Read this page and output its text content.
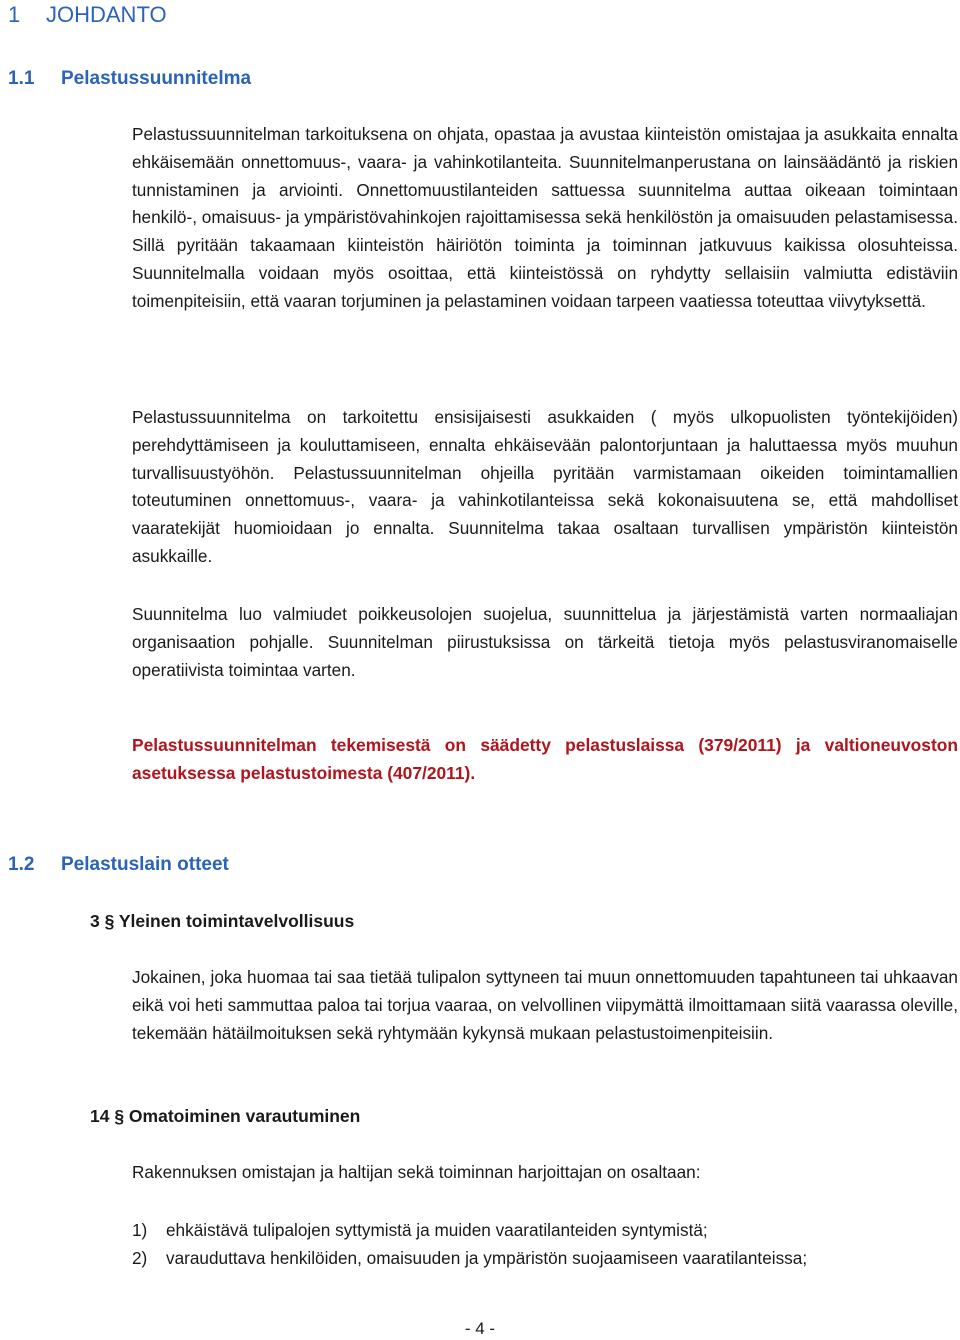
1 JOHDANTO
1.1 Pelastussuunnitelma
Pelastussuunnitelman tarkoituksena on ohjata, opastaa ja avustaa kiinteistön omistajaa ja asukkaita ennalta ehkäisemään onnettomuus-, vaara- ja vahinkotilanteita. Suunnitelmanperustana on lainsäädäntö ja riskien tunnistaminen ja arviointi. Onnettomuustilanteiden sattuessa suunnitelma auttaa oikeaan toimintaan henkilö-, omaisuus- ja ympäristövahinkojen rajoittamisessa sekä henkilöstön ja omaisuuden pelastamisessa. Sillä pyritään takaamaan kiinteistön häiriötön toiminta ja toiminnan jatkuvuus kaikissa olosuhteissa. Suunnitelmalla voidaan myös osoittaa, että kiinteistössä on ryhdytty sellaisiin valmiutta edistäviin toimenpiteisiin, että vaaran torjuminen ja pelastaminen voidaan tarpeen vaatiessa toteuttaa viivytyksettä.
Pelastussuunnitelma on tarkoitettu ensisijaisesti asukkaiden ( myös ulkopuolisten työntekijöiden) perehdyttämiseen ja kouluttamiseen, ennalta ehkäisevään palontorjuntaan ja haluttaessa myös muuhun turvallisuustyöhön. Pelastussuunnitelman ohjeilla pyritään varmistamaan oikeiden toimintamallien toteutuminen onnettomuus-, vaara- ja vahinkotilanteissa sekä kokonaisuutena se, että mahdolliset vaaratekijät huomioidaan jo ennalta. Suunnitelma takaa osaltaan turvallisen ympäristön kiinteistön asukkaille.
Suunnitelma luo valmiudet poikkeusolojen suojelua, suunnittelua ja järjestämistä varten normaaliajan organisaation pohjalle. Suunnitelman piirustuksissa on tärkeitä tietoja myös pelastusviranomaiselle operatiivista toimintaa varten.
Pelastussuunnitelman tekemisestä on säädetty pelastuslaissa (379/2011) ja valtioneuvoston asetuksessa pelastustoimesta (407/2011).
1.2 Pelastuslain otteet
3 § Yleinen toimintavelvollisuus
Jokainen, joka huomaa tai saa tietää tulipalon syttyneen tai muun onnettomuuden tapahtuneen tai uhkaavan eikä voi heti sammuttaa paloa tai torjua vaaraa, on velvollinen viipymättä ilmoittamaan siitä vaarassa oleville, tekemään hätäilmoituksen sekä ryhtymään kykynsä mukaan pelastustoimenpiteisiin.
14 § Omatoiminen varautuminen
Rakennuksen omistajan ja haltijan sekä toiminnan harjoittajan on osaltaan:
1)	ehkäistävä tulipalojen syttymistä ja muiden vaaratilanteiden syntymistä;
2)	varauduttava henkilöiden, omaisuuden ja ympäristön suojaamiseen vaaratilanteissa;
- 4 -
